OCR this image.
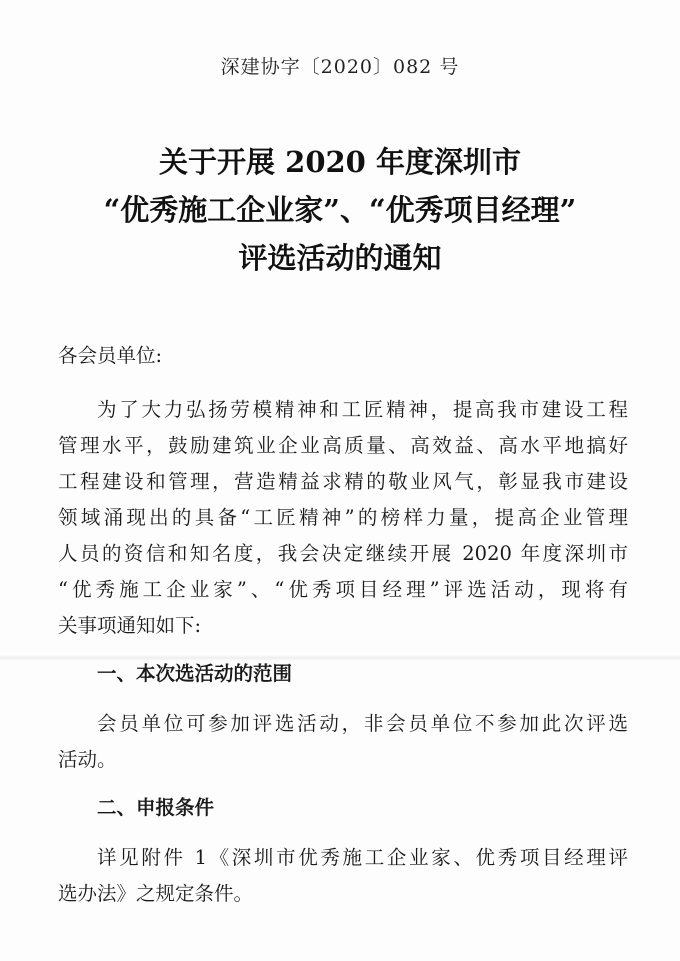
深建协字〔2020〕082 号
关于开展 2020 年度深圳市
“优秀施工企业家”、“优秀项目经理”
评选活动的通知
各会员单位:
为了大力弘扬劳模精神和工匠精神，提高我市建设工程
管理水平，鼓励建筑业企业高质量、高效益、高水平地搞好
工程建设和管理，营造精益求精的敬业风气，彰显我市建设
领域涌现出的具备“工匠精神”的榜样力量，提高企业管理
人员的资信和知名度，我会决定继续开展 2020 年度深圳市
“优秀施工企业家”、“优秀项目经理”评选活动，现将有
关事项通知如下:
一、本次选活动的范围
会员单位可参加评选活动，非会员单位不参加此次评选
活动。
二、申报条件
详见附件 1《深圳市优秀施工企业家、优秀项目经理评
选办法》之规定条件。
